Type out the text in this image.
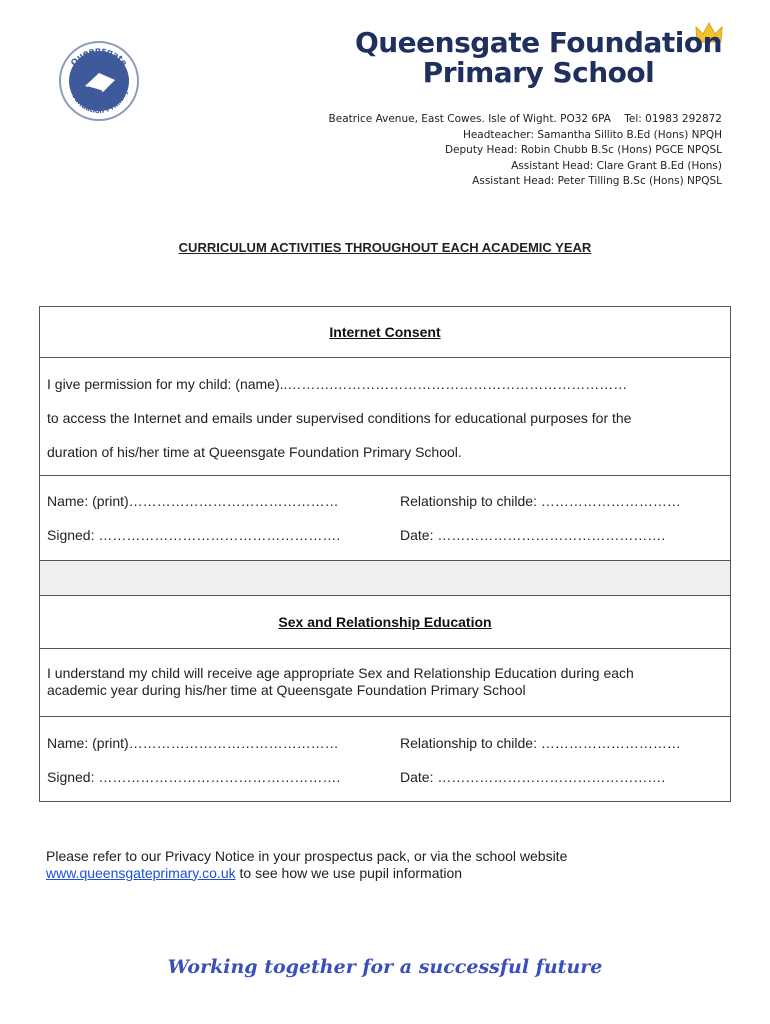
Queensgate
Foundation Primary
Queensgate Foundation
Primary School
Beatrice Avenue, East Cowes. Isle of Wight. PO32 6PA    Tel: 01983 292872
Headteacher: Samantha Sillito B.Ed (Hons) NPQH
Deputy Head: Robin Chubb B.Sc (Hons) PGCE NPQSL
Assistant Head: Clare Grant B.Ed (Hons)
Assistant Head: Peter Tilling B.Sc (Hons) NPQSL
CURRICULUM ACTIVITIES THROUGHOUT EACH ACADEMIC YEAR
Internet Consent
I give permission for my child: (name)..……….………………………………………………………
to access the Internet and emails under supervised conditions for educational purposes for the
duration of his/her time at Queensgate Foundation Primary School.
Name: (print)………………………………………	Relationship to childe: …………………………
Signed: …………………………………………….	Date: ………………………………………….
Sex and Relationship Education
I understand my child will receive age appropriate Sex and Relationship Education during each
academic year during his/her time at Queensgate Foundation Primary School
Name: (print)………………………………………	Relationship to childe: …………………………
Signed: …………………………………………….	Date: ………………………………………….
Please refer to our Privacy Notice in your prospectus pack, or via the school website
www.queensgateprimary.co.uk to see how we use pupil information
Working together for a successful future
